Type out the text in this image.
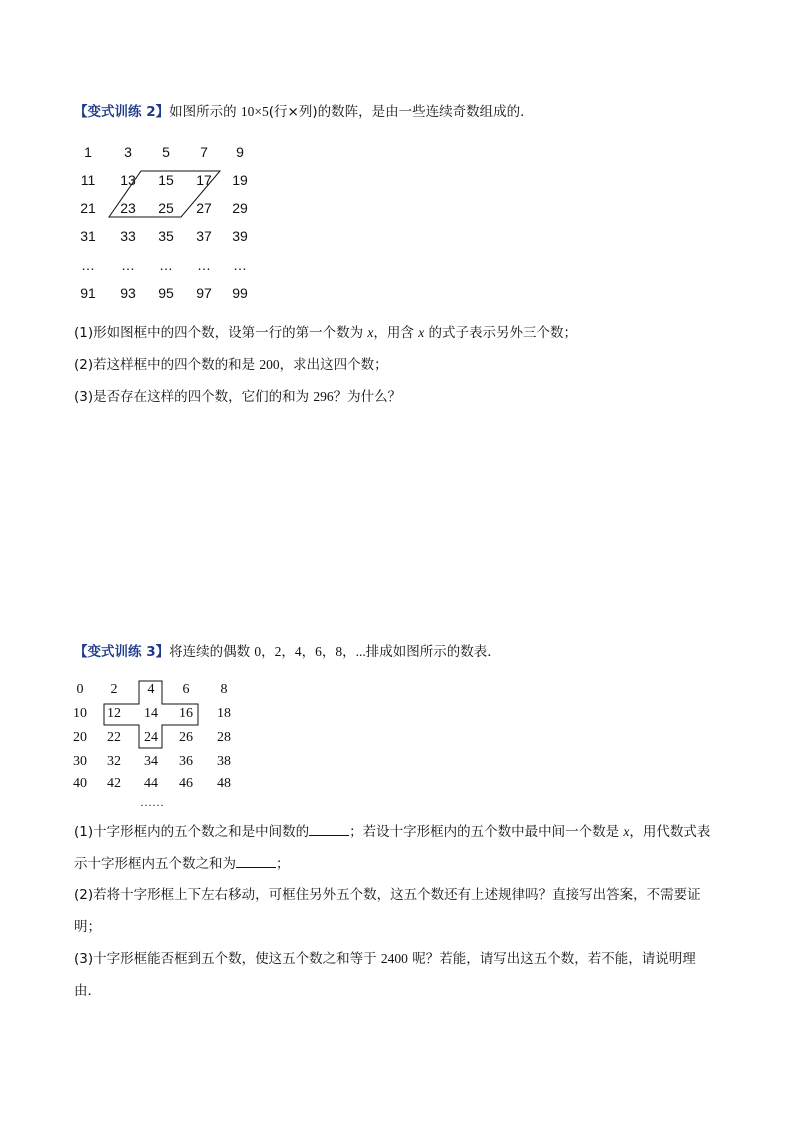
【变式训练 2】如图所示的 10×5(行×列)的数阵，是由一些连续奇数组成的．
1	3	5	7	9
11	13	15	17	19
21	23	25	27	29
31	33	35	37	39
…	…	…	…	…
91	93	95	97	99
(1)形如图框中的四个数，设第一行的第一个数为 x，用含 x 的式子表示另外三个数；
(2)若这样框中的四个数的和是 200，求出这四个数；
(3)是否存在这样的四个数，它们的和为 296？为什么？
【变式训练 3】将连续的偶数 0，2，4，6，8，...排成如图所示的数表．
0	2	4	6	8
10	12	14	16	18
20	22	24	26	28
30	32	34	36	38
40	42	44	46	48
……
(1)十字形框内的五个数之和是中间数的	；若设十字形框内的五个数中最中间一个数是 x，用代数式表
示十字形框内五个数之和为	；
(2)若将十字形框上下左右移动，可框住另外五个数，这五个数还有上述规律吗？直接写出答案，不需要证
明；
(3)十字形框能否框到五个数，使这五个数之和等于 2400 呢？若能，请写出这五个数，若不能，请说明理
由．
